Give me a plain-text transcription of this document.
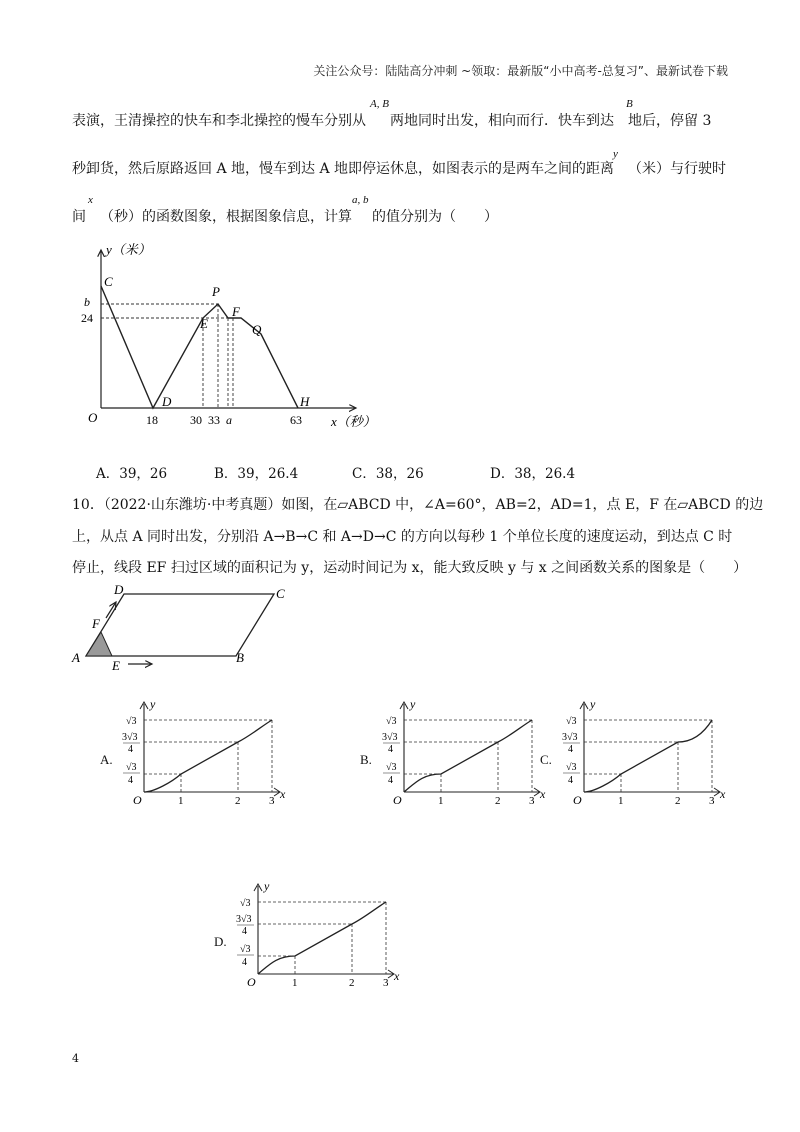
关注公众号：陆陆高分冲刺 ~领取：最新版“小中高考-总复习”、最新试卷下载
表演，王清操控的快车和李北操控的慢车分别从 两地同时出发，相向而行．快车到达 地后，停留 3
A, B	B
秒卸货，然后原路返回 A 地，慢车到达 A 地即停运休息，如图表示的是两车之间的距离 （米）与行驶时
y
间 （秒）的函数图象，根据图象信息，计算 的值分别为（　　）
x	a, b
y（米）
x（秒）
O
C
D
E
P
F
Q
H
b
24
18	30 33 a	63
A．39，26	B．39，26.4	C．38，26	D．38，26.4
10．（2022·山东潍坊·中考真题）如图，在▱ABCD 中，∠A=60°，AB=2，AD=1，点 E，F 在▱ABCD 的边
上，从点 A 同时出发，分别沿 A→B→C 和 A→D→C 的方向以每秒 1 个单位长度的速度运动，到达点 C 时
停止，线段 EF 扫过区域的面积记为 y，运动时间记为 x，能大致反映 y 与 x 之间函数关系的图象是（　　）
A	B
C
D
E
F
A.
y
x
O	1	2	3
√3
3√3
4
√3
4
B.
y
x
O	1	2	3
√3
3√3
4
√3
4
C.
y
x
O	1	2	3
√3
3√3
4
√3
4
D.
y
x
O	1	2	3
√3
3√3
4
√3
4
4
